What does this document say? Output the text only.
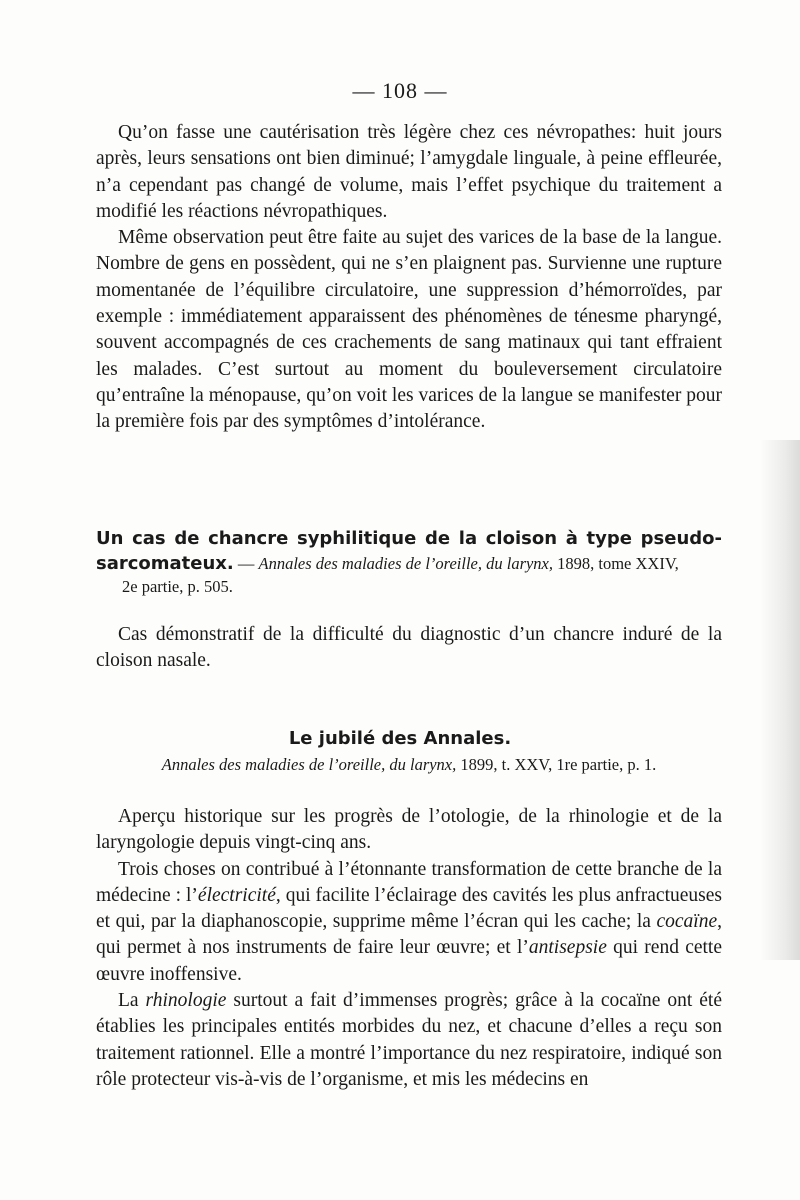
— 108 —

Qu’on fasse une cautérisation très légère chez ces névropathes: huit jours après, leurs sensations ont bien diminué; l’amygdale linguale, à peine effleurée, n’a cependant pas changé de volume, mais l’effet psychique du traitement a modifié les réactions névropathiques.

Même observation peut être faite au sujet des varices de la base de la langue. Nombre de gens en possèdent, qui ne s’en plaignent pas. Survienne une rupture momentanée de l’équilibre circulatoire, une suppression d’hémorroïdes, par exemple : immédiatement apparaissent des phénomènes de ténesme pharyngé, souvent accompagnés de ces crachements de sang matinaux qui tant effraient les malades. C’est surtout au moment du bouleversement circulatoire qu’entraîne la ménopause, qu’on voit les varices de la langue se manifester pour la première fois par des symptômes d’intolérance.

Un cas de chancre syphilitique de la cloison à type pseudo-sarcomateux. — Annales des maladies de l’oreille, du larynx, 1898, tome XXIV,
2e partie, p. 505.

Cas démonstratif de la difficulté du diagnostic d’un chancre induré de la cloison nasale.

Le jubilé des Annales.
Annales des maladies de l’oreille, du larynx, 1899, t. XXV, 1re partie, p. 1.

Aperçu historique sur les progrès de l’otologie, de la rhinologie et de la laryngologie depuis vingt-cinq ans.

Trois choses on contribué à l’étonnante transformation de cette branche de la médecine : l’électricité, qui facilite l’éclairage des cavités les plus anfractueuses et qui, par la diaphanoscopie, supprime même l’écran qui les cache; la cocaïne, qui permet à nos instruments de faire leur œuvre; et l’antisepsie qui rend cette œuvre inoffensive.

La rhinologie surtout a fait d’immenses progrès; grâce à la cocaïne ont été établies les principales entités morbides du nez, et chacune d’elles a reçu son traitement rationnel. Elle a montré l’importance du nez respiratoire, indiqué son rôle protecteur vis-à-vis de l’organisme, et mis les médecins en
